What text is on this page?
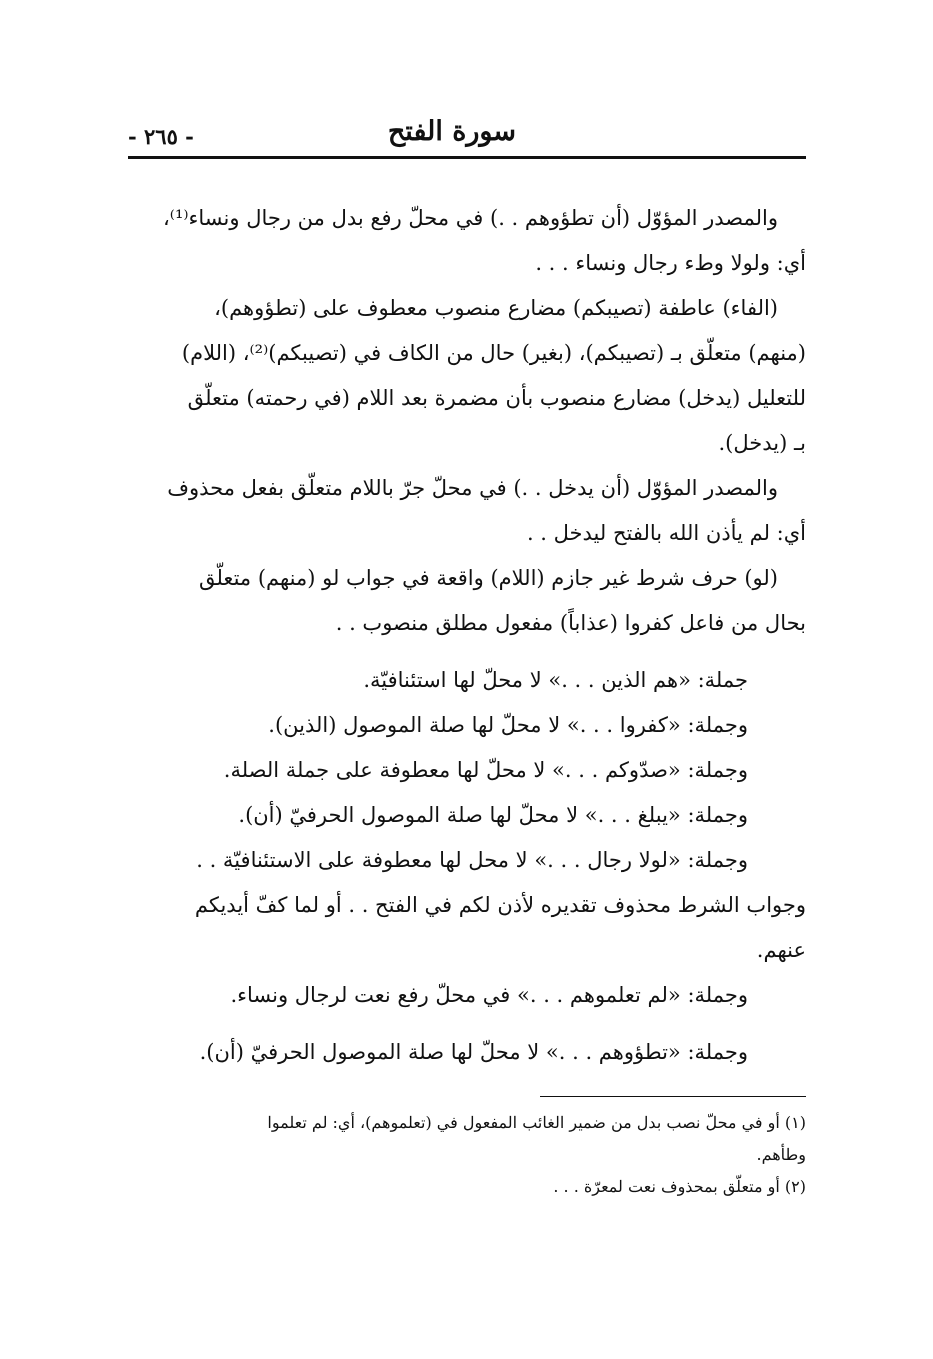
سورة الفتح
- ٢٦٥ -
والمصدر المؤوّل (أن تطؤوهم . .) في محلّ رفع بدل من رجال ونساء⁽¹⁾،
أي: ولولا وطء رجال ونساء . . .
(الفاء) عاطفة (تصيبكم) مضارع منصوب معطوف على (تطؤوهم)،
(منهم) متعلّق بـ (تصيبكم)، (بغير) حال من الكاف في (تصيبكم)⁽²⁾، (اللام)
للتعليل (يدخل) مضارع منصوب بأن مضمرة بعد اللام (في رحمته) متعلّق
بـ (يدخل).
والمصدر المؤوّل (أن يدخل . .) في محلّ جرّ باللام متعلّق بفعل محذوف
أي: لم يأذن الله بالفتح ليدخل . .
(لو) حرف شرط غير جازم (اللام) واقعة في جواب لو (منهم) متعلّق
بحال من فاعل كفروا (عذاباً) مفعول مطلق منصوب . .
جملة: «هم الذين . . .» لا محلّ لها استئنافيّة.
وجملة: «كفروا . . .» لا محلّ لها صلة الموصول (الذين).
وجملة: «صدّوكم . . .» لا محلّ لها معطوفة على جملة الصلة.
وجملة: «يبلغ . . .» لا محلّ لها صلة الموصول الحرفيّ (أن).
وجملة: «لولا رجال . . .» لا محل لها معطوفة على الاستئنافيّة . .
وجواب الشرط محذوف تقديره لأذن لكم في الفتح . . أو لما كفّ أيديكم
عنهم.
وجملة: «لم تعلموهم . . .» في محلّ رفع نعت لرجال ونساء.
وجملة: «تطؤوهم . . .» لا محلّ لها صلة الموصول الحرفيّ (أن).
(١) أو في محلّ نصب بدل من ضمير الغائب المفعول في (تعلموهم)، أي: لم تعلموا
وطأهم.
(٢) أو متعلّق بمحذوف نعت لمعرّة . . .
